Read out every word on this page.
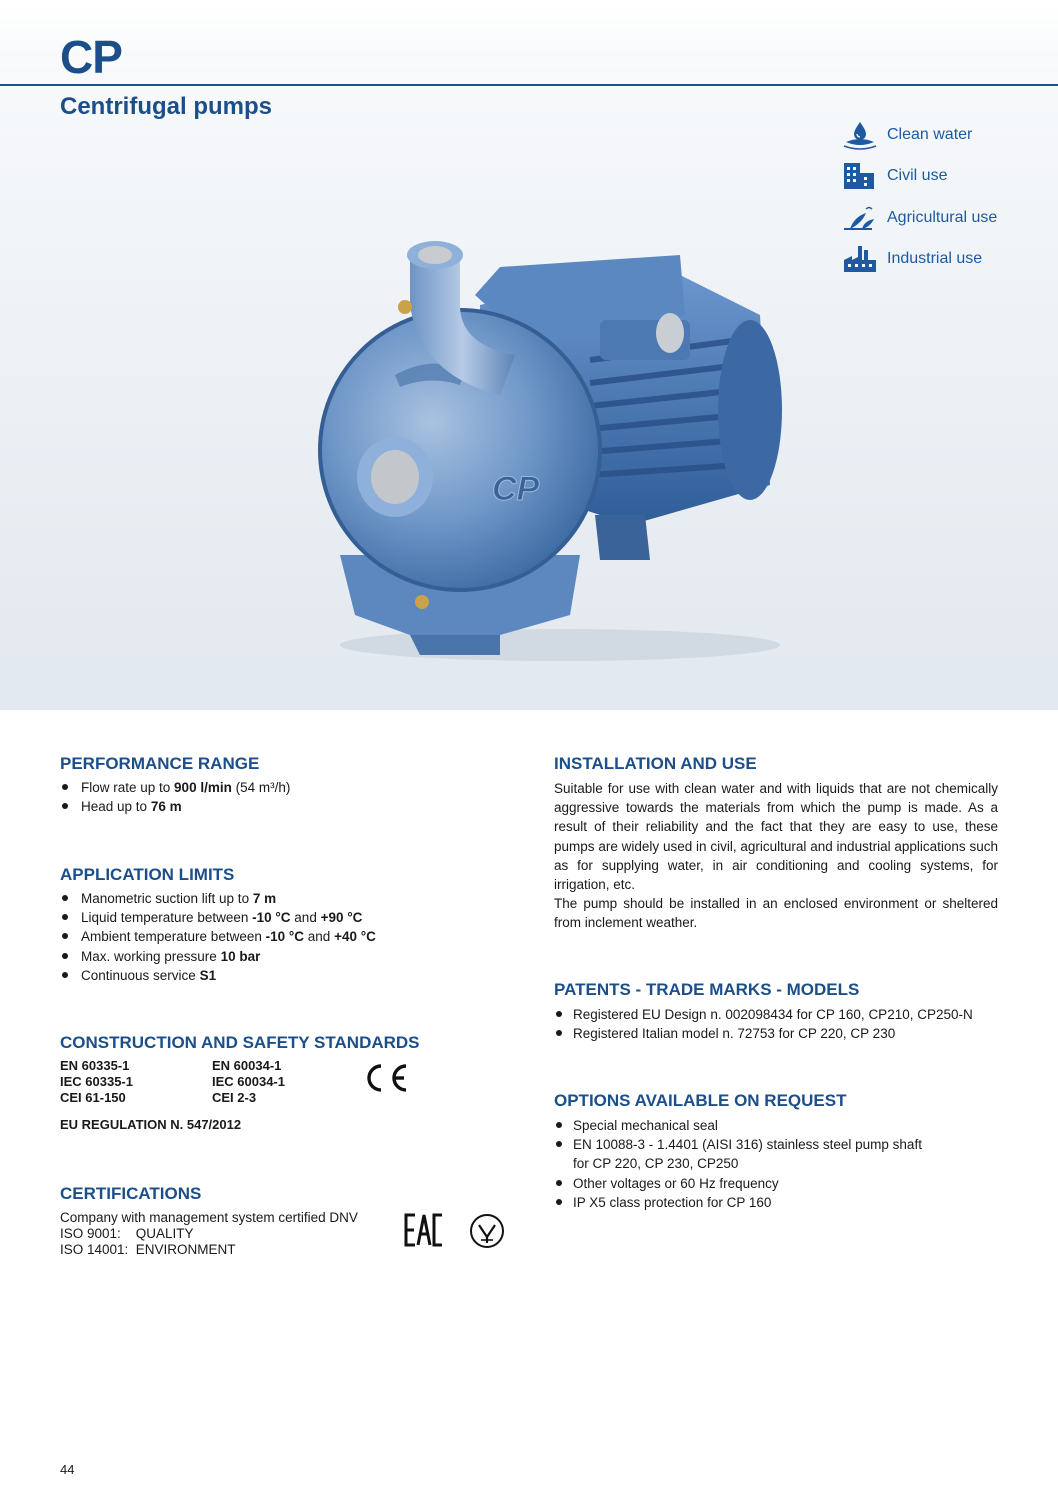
CP
Centrifugal pumps
Clean water
Civil use
Agricultural use
Industrial use
CP
PERFORMANCE RANGE
Flow rate up to 900 l/min (54 m³/h)
Head up to 76 m
APPLICATION LIMITS
Manometric suction lift up to 7 m
Liquid temperature between -10 °C and +90 °C
Ambient temperature between -10 °C and +40 °C
Max. working pressure 10 bar
Continuous service S1
CONSTRUCTION AND SAFETY STANDARDS
EN 60335-1
IEC 60335-1
CEI 61-150
EN 60034-1
IEC 60034-1
CEI 2-3
EU REGULATION N. 547/2012
CERTIFICATIONS
Company with management system certified DNV
ISO 9001:    QUALITY
ISO 14001:  ENVIRONMENT
INSTALLATION AND USE
Suitable for use with clean water and with liquids that are not chemically aggressive towards the materials from which the pump is made. As a result of their reliability and the fact that they are easy to use, these pumps are widely used in civil, agricultural and industrial applications such as for supplying water, in air conditioning and cooling systems, for irrigation, etc.
The pump should be installed in an enclosed environment or sheltered from inclement weather.
PATENTS - TRADE MARKS - MODELS
Registered EU Design n. 002098434 for CP 160, CP210, CP250-N
Registered Italian model n. 72753 for CP 220, CP 230
OPTIONS AVAILABLE ON REQUEST
Special mechanical seal
EN 10088-3 - 1.4401 (AISI 316) stainless steel pump shaft
for CP 220, CP 230, CP250
Other voltages or 60 Hz frequency
IP X5 class protection for CP 160
44
